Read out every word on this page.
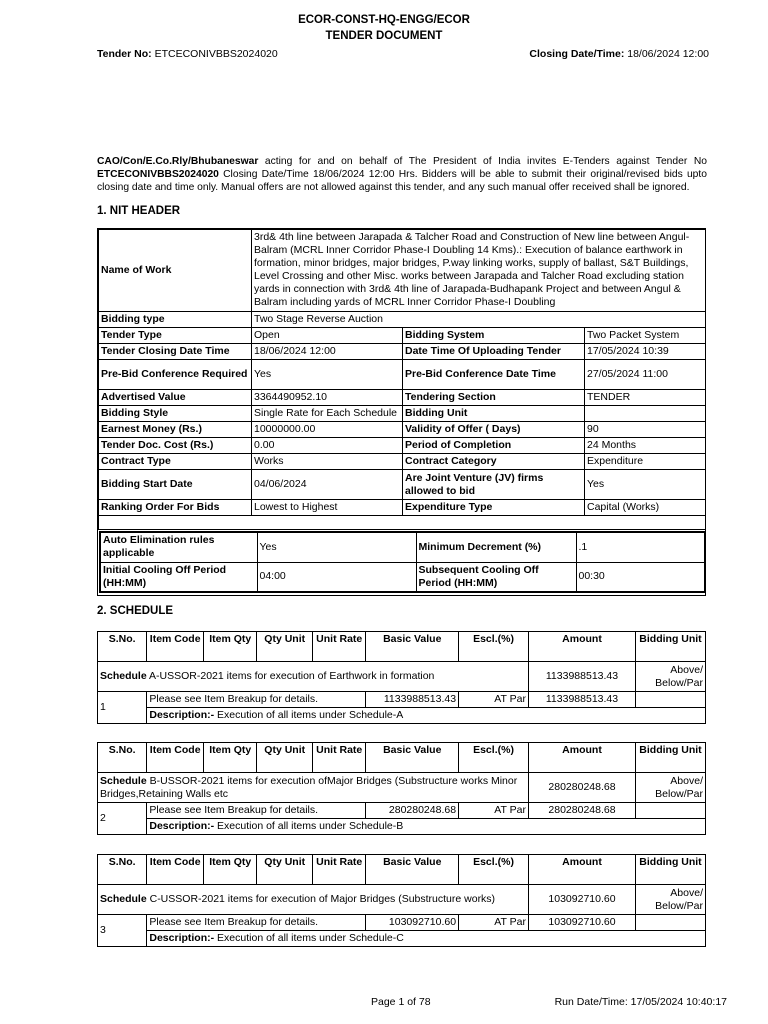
ECOR-CONST-HQ-ENGG/ECOR
TENDER DOCUMENT
Tender No: ETCECONIVBBS2024020	Closing Date/Time: 18/06/2024 12:00
CAO/Con/E.Co.Rly/Bhubaneswar acting for and on behalf of The President of India invites E-Tenders against Tender No ETCECONIVBBS2024020 Closing Date/Time 18/06/2024 12:00 Hrs. Bidders will be able to submit their original/revised bids upto closing date and time only. Manual offers are not allowed against this tender, and any such manual offer received shall be ignored.
1. NIT HEADER
Name of Work	3rd& 4th line between Jarapada & Talcher Road and Construction of New line between Angul-Balram (MCRL Inner Corridor Phase-I Doubling 14 Kms).: Execution of balance earthwork in formation, minor bridges, major bridges, P.way linking works, supply of ballast, S&T Buildings, Level Crossing and other Misc. works between Jarapada and Talcher Road excluding station yards in connection with 3rd& 4th line of Jarapada-Budhapank Project and between Angul & Balram including yards of MCRL Inner Corridor Phase-I Doubling		
Bidding type	Two Stage Reverse Auction		
Tender Type	Open	Bidding System	Two Packet System
Tender Closing Date Time	18/06/2024 12:00	Date Time Of Uploading Tender	17/05/2024 10:39
Pre-Bid Conference Required	Yes	Pre-Bid Conference Date Time	27/05/2024 11:00
Advertised Value	3364490952.10	Tendering Section	TENDER
Bidding Style	Single Rate for Each Schedule	Bidding Unit	
Earnest Money (Rs.)	10000000.00	Validity of Offer ( Days)	90
Tender Doc. Cost (Rs.)	0.00	Period of Completion	24 Months
Contract Type	Works	Contract Category	Expenditure
Bidding Start Date	04/06/2024	Are Joint Venture (JV) firms allowed to bid	Yes
Ranking Order For Bids	Lowest to Highest	Expenditure Type	Capital (Works)

Auto Elimination rules applicable	Yes	Minimum Decrement (%)	.1
Initial Cooling Off Period (HH:MM)	04:00	Subsequent Cooling Off Period (HH:MM)	00:30
2. SCHEDULE
S.No.	Item Code	Item Qty	Qty Unit	Unit Rate	Basic Value	Escl.(%)	Amount	Bidding Unit
Schedule A-USSOR-2021 items for execution of Earthwork in formation							1133988513.43	Above/ Below/Par
1	Please see Item Breakup for details.				1133988513.43	AT Par	1133988513.43	
	Description:- Execution of all items under Schedule-A							
S.No.	Item Code	Item Qty	Qty Unit	Unit Rate	Basic Value	Escl.(%)	Amount	Bidding Unit
Schedule B-USSOR-2021 items for execution ofMajor Bridges (Substructure works Minor Bridges,Retaining Walls etc							280280248.68	Above/ Below/Par
2	Please see Item Breakup for details.				280280248.68	AT Par	280280248.68	
	Description:- Execution of all items under Schedule-B							
S.No.	Item Code	Item Qty	Qty Unit	Unit Rate	Basic Value	Escl.(%)	Amount	Bidding Unit
Schedule C-USSOR-2021 items for execution of Major Bridges (Substructure works)							103092710.60	Above/ Below/Par
3	Please see Item Breakup for details.				103092710.60	AT Par	103092710.60	
	Description:- Execution of all items under Schedule-C							
Page 1 of 78	Run Date/Time: 17/05/2024 10:40:17
